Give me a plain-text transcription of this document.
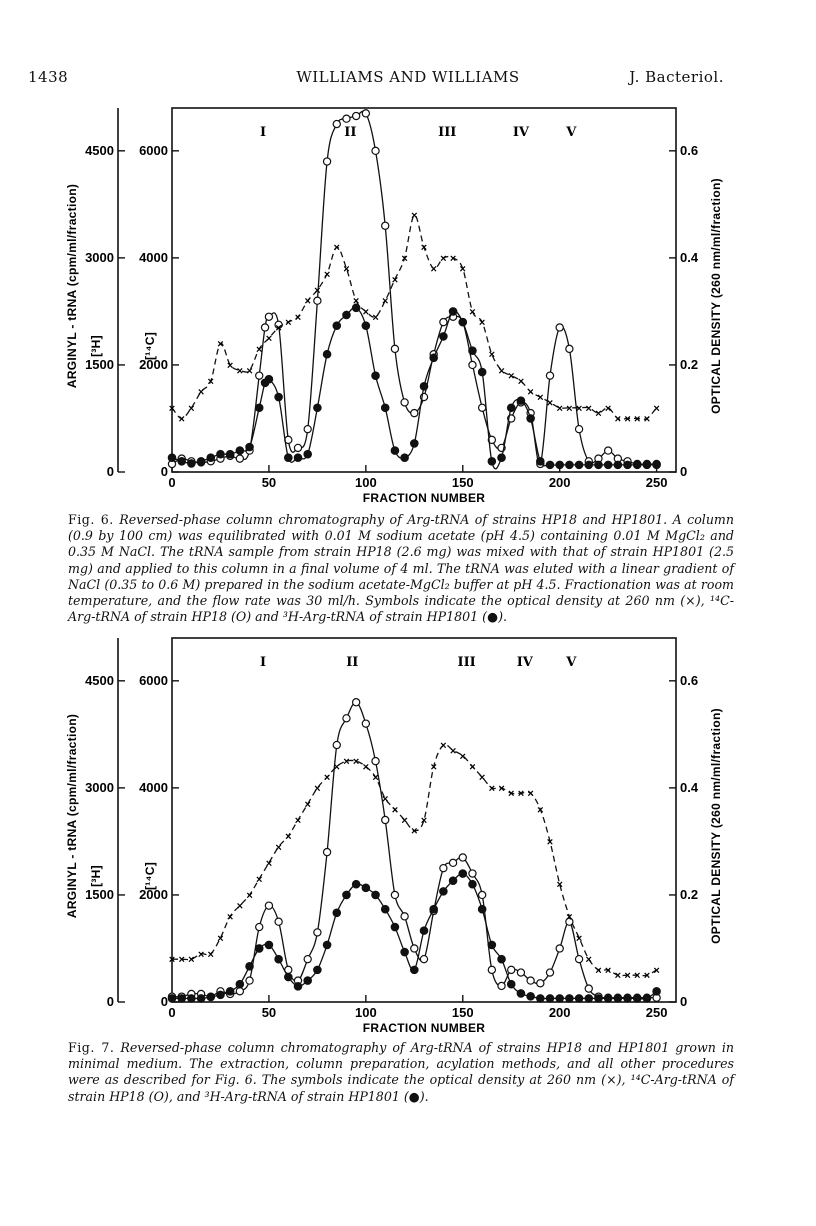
1438	WILLIAMS AND WILLIAMS	J. Bacteriol.
0
1500
3000
4500
0
2000
4000
6000
0
0.2
0.4
0.6
0	50	100	150	200	250
FRACTION NUMBER
ARGINYL - tRNA (cpm/ml/fraction) [³H]	[¹⁴C]	OPTICAL DENSITY (260 nm/ml/fraction)
I	II	III	IV	V
×
×
×
×
×
×
× × ×
×
×
× × ×
×
×
×
×
×
×
× ×
×
×
×
×
×
×
× ×
×
×
×
×
× × ×
× × × × × × × × ×
× × × ×
×
Fig. 6. Reversed-phase column chromatography of Arg-tRNA of strains HP18 and HP1801. A column (0.9 by 100 cm) was equilibrated with 0.01 M sodium acetate (pH 4.5) containing 0.01 M MgCl₂ and 0.35 M NaCl. The tRNA sample from strain HP18 (2.6 mg) was mixed with that of strain HP1801 (2.5 mg) and applied to this column in a final volume of 4 ml. The tRNA was eluted with a linear gradient of NaCl (0.35 to 0.6 M) prepared in the sodium acetate-MgCl₂ buffer at pH 4.5. Fractionation was at room temperature, and the flow rate was 30 ml/h. Symbols indicate the optical density at 260 nm (×), ¹⁴C-Arg-tRNA of strain HP18 (O) and ³H-Arg-tRNA of strain HP1801 (●).
0
1500
3000
4500
0
2000
4000
6000
0
0.2
0.4
0.6
0	50	100	150	200	250
FRACTION NUMBER
ARGINYL - tRNA (cpm/ml/fraction) [³H]	[¹⁴C]	OPTICAL DENSITY (260 nm/ml/fraction)
I	II	III	IV	V
× × × × ×
×
×
×
×
×
×
×
×
×
×
×
×
× × × ×
×
×
×
×
×
×
×
× × ×
×
×
× × × × ×
×
×
×
×
×
×
× × × × × × ×
Fig. 7. Reversed-phase column chromatography of Arg-tRNA of strains HP18 and HP1801 grown in minimal medium. The extraction, column preparation, acylation methods, and all other procedures were as described for Fig. 6. The symbols indicate the optical density at 260 nm (×), ¹⁴C-Arg-tRNA of strain HP18 (O), and ³H-Arg-tRNA of strain HP1801 (●).
